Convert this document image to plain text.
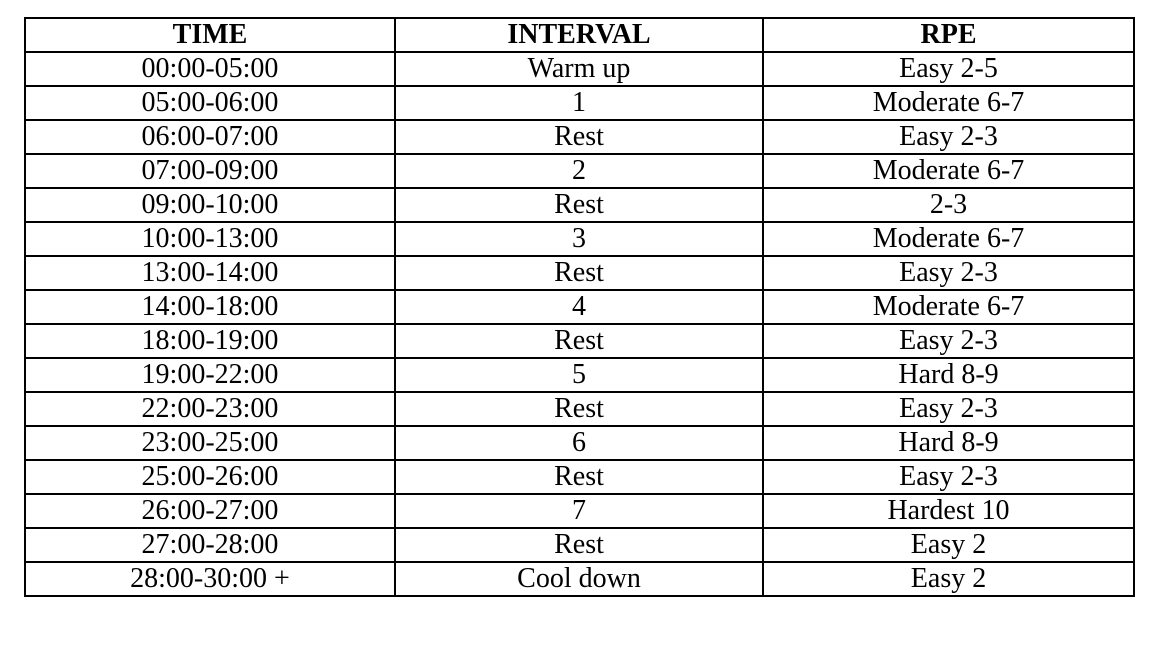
TIME	INTERVAL	RPE
00:00-05:00	Warm up	Easy 2-5
05:00-06:00	1	Moderate 6-7
06:00-07:00	Rest	Easy 2-3
07:00-09:00	2	Moderate 6-7
09:00-10:00	Rest	2-3
10:00-13:00	3	Moderate 6-7
13:00-14:00	Rest	Easy 2-3
14:00-18:00	4	Moderate 6-7
18:00-19:00	Rest	Easy 2-3
19:00-22:00	5	Hard 8-9
22:00-23:00	Rest	Easy 2-3
23:00-25:00	6	Hard 8-9
25:00-26:00	Rest	Easy 2-3
26:00-27:00	7	Hardest 10
27:00-28:00	Rest	Easy 2
28:00-30:00 +	Cool down	Easy 2
